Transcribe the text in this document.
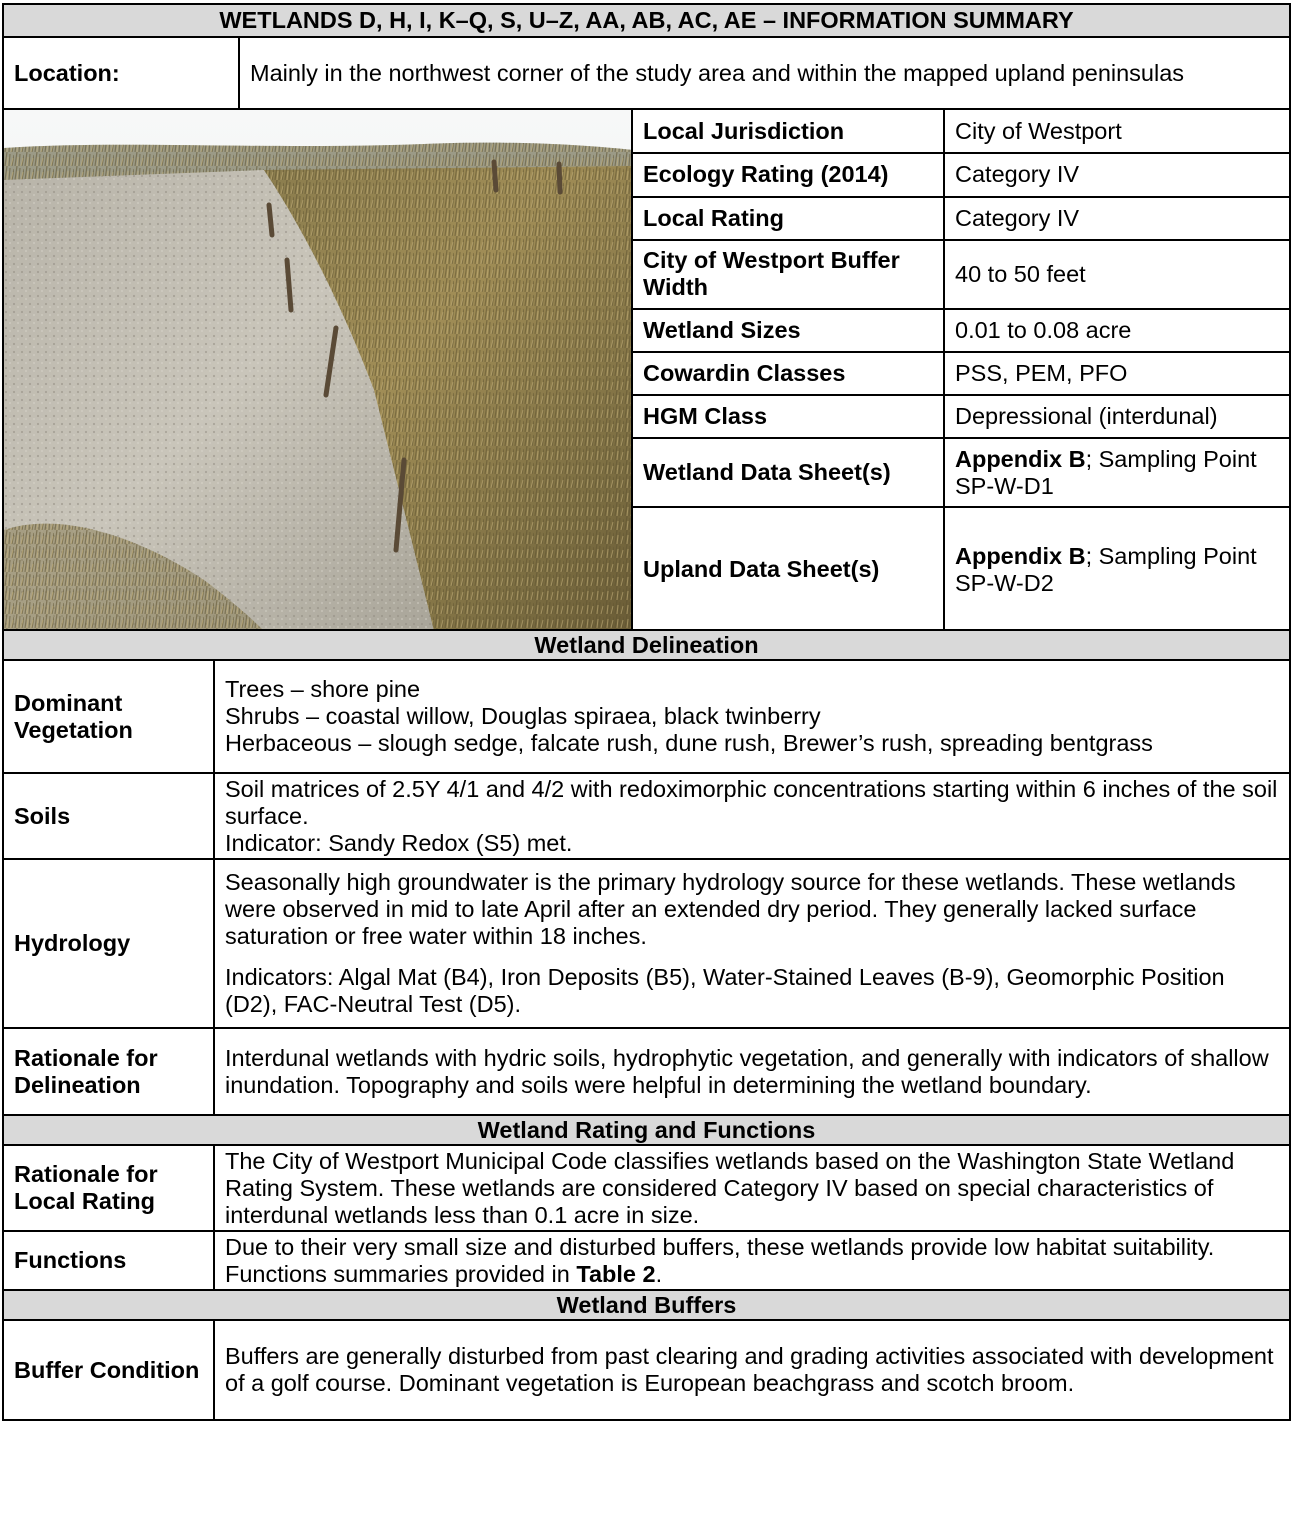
WETLANDS D, H, I, K–Q, S, U–Z, AA, AB, AC, AE – INFORMATION SUMMARY			
Location:	Mainly in the northwest corner of the study area and within the mapped upland peninsulas		

	Local Jurisdiction	City of Westport
		Ecology Rating (2014)	Category IV
		Local Rating	Category IV
		City of Westport Buffer Width	40 to 50 feet
		Wetland Sizes	0.01 to 0.08 acre
		Cowardin Classes	PSS, PEM, PFO
		HGM Class	Depressional (interdunal)
		Wetland Data Sheet(s)	Appendix B; Sampling Point SP-W-D1
		Upland Data Sheet(s)	Appendix B; Sampling Point SP-W-D2
Wetland Delineation	
Dominant Vegetation	Trees – shore pine
Shrubs – coastal willow, Douglas spiraea, black twinberry
Herbaceous – slough sedge, falcate rush, dune rush, Brewer’s rush, spreading bentgrass

Soils	Soil matrices of 2.5Y 4/1 and 4/2 with redoximorphic concentrations starting within 6 inches of the soil surface.
Indicator: Sandy Redox (S5) met.

Hydrology	Seasonally high groundwater is the primary hydrology source for these wetlands. These wetlands were observed in mid to late April after an extended dry period. They generally lacked surface saturation or free water within 18 inches.
Indicators: Algal Mat (B4), Iron Deposits (B5), Water-Stained Leaves (B-9), Geomorphic Position (D2), FAC-Neutral Test (D5).

Rationale for Delineation	Interdunal wetlands with hydric soils, hydrophytic vegetation, and generally with indicators of shallow inundation. Topography and soils were helpful in determining the wetland boundary.
Wetland Rating and Functions	
Rationale for Local Rating	The City of Westport Municipal Code classifies wetlands based on the Washington State Wetland Rating System. These wetlands are considered Category IV based on special characteristics of interdunal wetlands less than 0.1 acre in size.
Functions	Due to their very small size and disturbed buffers, these wetlands provide low habitat suitability. Functions summaries provided in Table 2.
Wetland Buffers	
Buffer Condition	Buffers are generally disturbed from past clearing and grading activities associated with development of a golf course. Dominant vegetation is European beachgrass and scotch broom.
